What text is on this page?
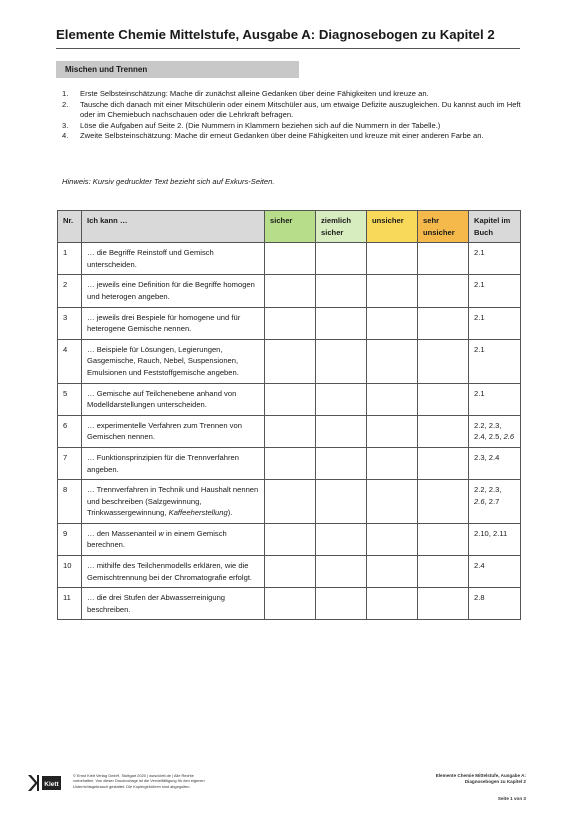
Elemente Chemie Mittelstufe, Ausgabe A: Diagnosebogen zu Kapitel 2
Mischen und Trennen
1. Erste Selbsteinschätzung: Mache dir zunächst alleine Gedanken über deine Fähigkeiten und kreuze an.
2. Tausche dich danach mit einer Mitschülerin oder einem Mitschüler aus, um etwaige Defizite auszugleichen. Du kannst auch im Heft oder im Chemiebuch nachschauen oder die Lehrkraft befragen.
3. Löse die Aufgaben auf Seite 2. (Die Nummern in Klammern beziehen sich auf die Nummern in der Tabelle.)
4. Zweite Selbsteinschätzung: Mache dir erneut Gedanken über deine Fähigkeiten und kreuze mit einer anderen Farbe an.
Hinweis: Kursiv gedruckter Text bezieht sich auf Exkurs-Seiten.
Nr.	Ich kann …	sicher	ziemlich sicher	unsicher	sehr unsicher	Kapitel im Buch
1	… die Begriffe Reinstoff und Gemisch unterscheiden.					2.1
2	… jeweils eine Definition für die Begriffe homogen und heterogen angeben.					2.1
3	… jeweils drei Bespiele für homogene und für heterogene Gemische nennen.					2.1
4	… Beispiele für Lösungen, Legierungen, Gasgemische, Rauch, Nebel, Suspensionen, Emulsionen und Feststoffgemische angeben.					2.1
5	… Gemische auf Teilchenebene anhand von Modelldarstellungen unterscheiden.					2.1
6	… experimentelle Verfahren zum Trennen von Gemischen nennen.					2.2, 2.3, 2.4, 2.5, 2.6
7	… Funktionsprinzipien für die Trennverfahren angeben.					2.3, 2.4
8	… Trennverfahren in Technik und Haushalt nennen und beschreiben (Salzgewinnung, Trinkwassergewinnung, Kaffeeherstellung).					2.2, 2.3, 2.6, 2.7
9	… den Massenanteil w in einem Gemisch berechnen.					2.10, 2.11
10	… mithilfe des Teilchenmodells erklären, wie die Gemischtrennung bei der Chromatografie erfolgt.					2.4
11	… die drei Stufen der Abwasserreinigung beschreiben.					2.8
Klett
© Ernst Klett Verlag GmbH, Stuttgart 2020 | www.klett.de | Alle Rechte
vorbehalten. Von dieser Druckvorlage ist die Vervielfältigung für den eigenen
Unterrichtsgebrauch gestattet. Die Kopiergebühren sind abgegolten.
Elemente Chemie Mittelstufe, Ausgabe A:
Diagnosebogen zu Kapitel 2
Seite 1 von 3
